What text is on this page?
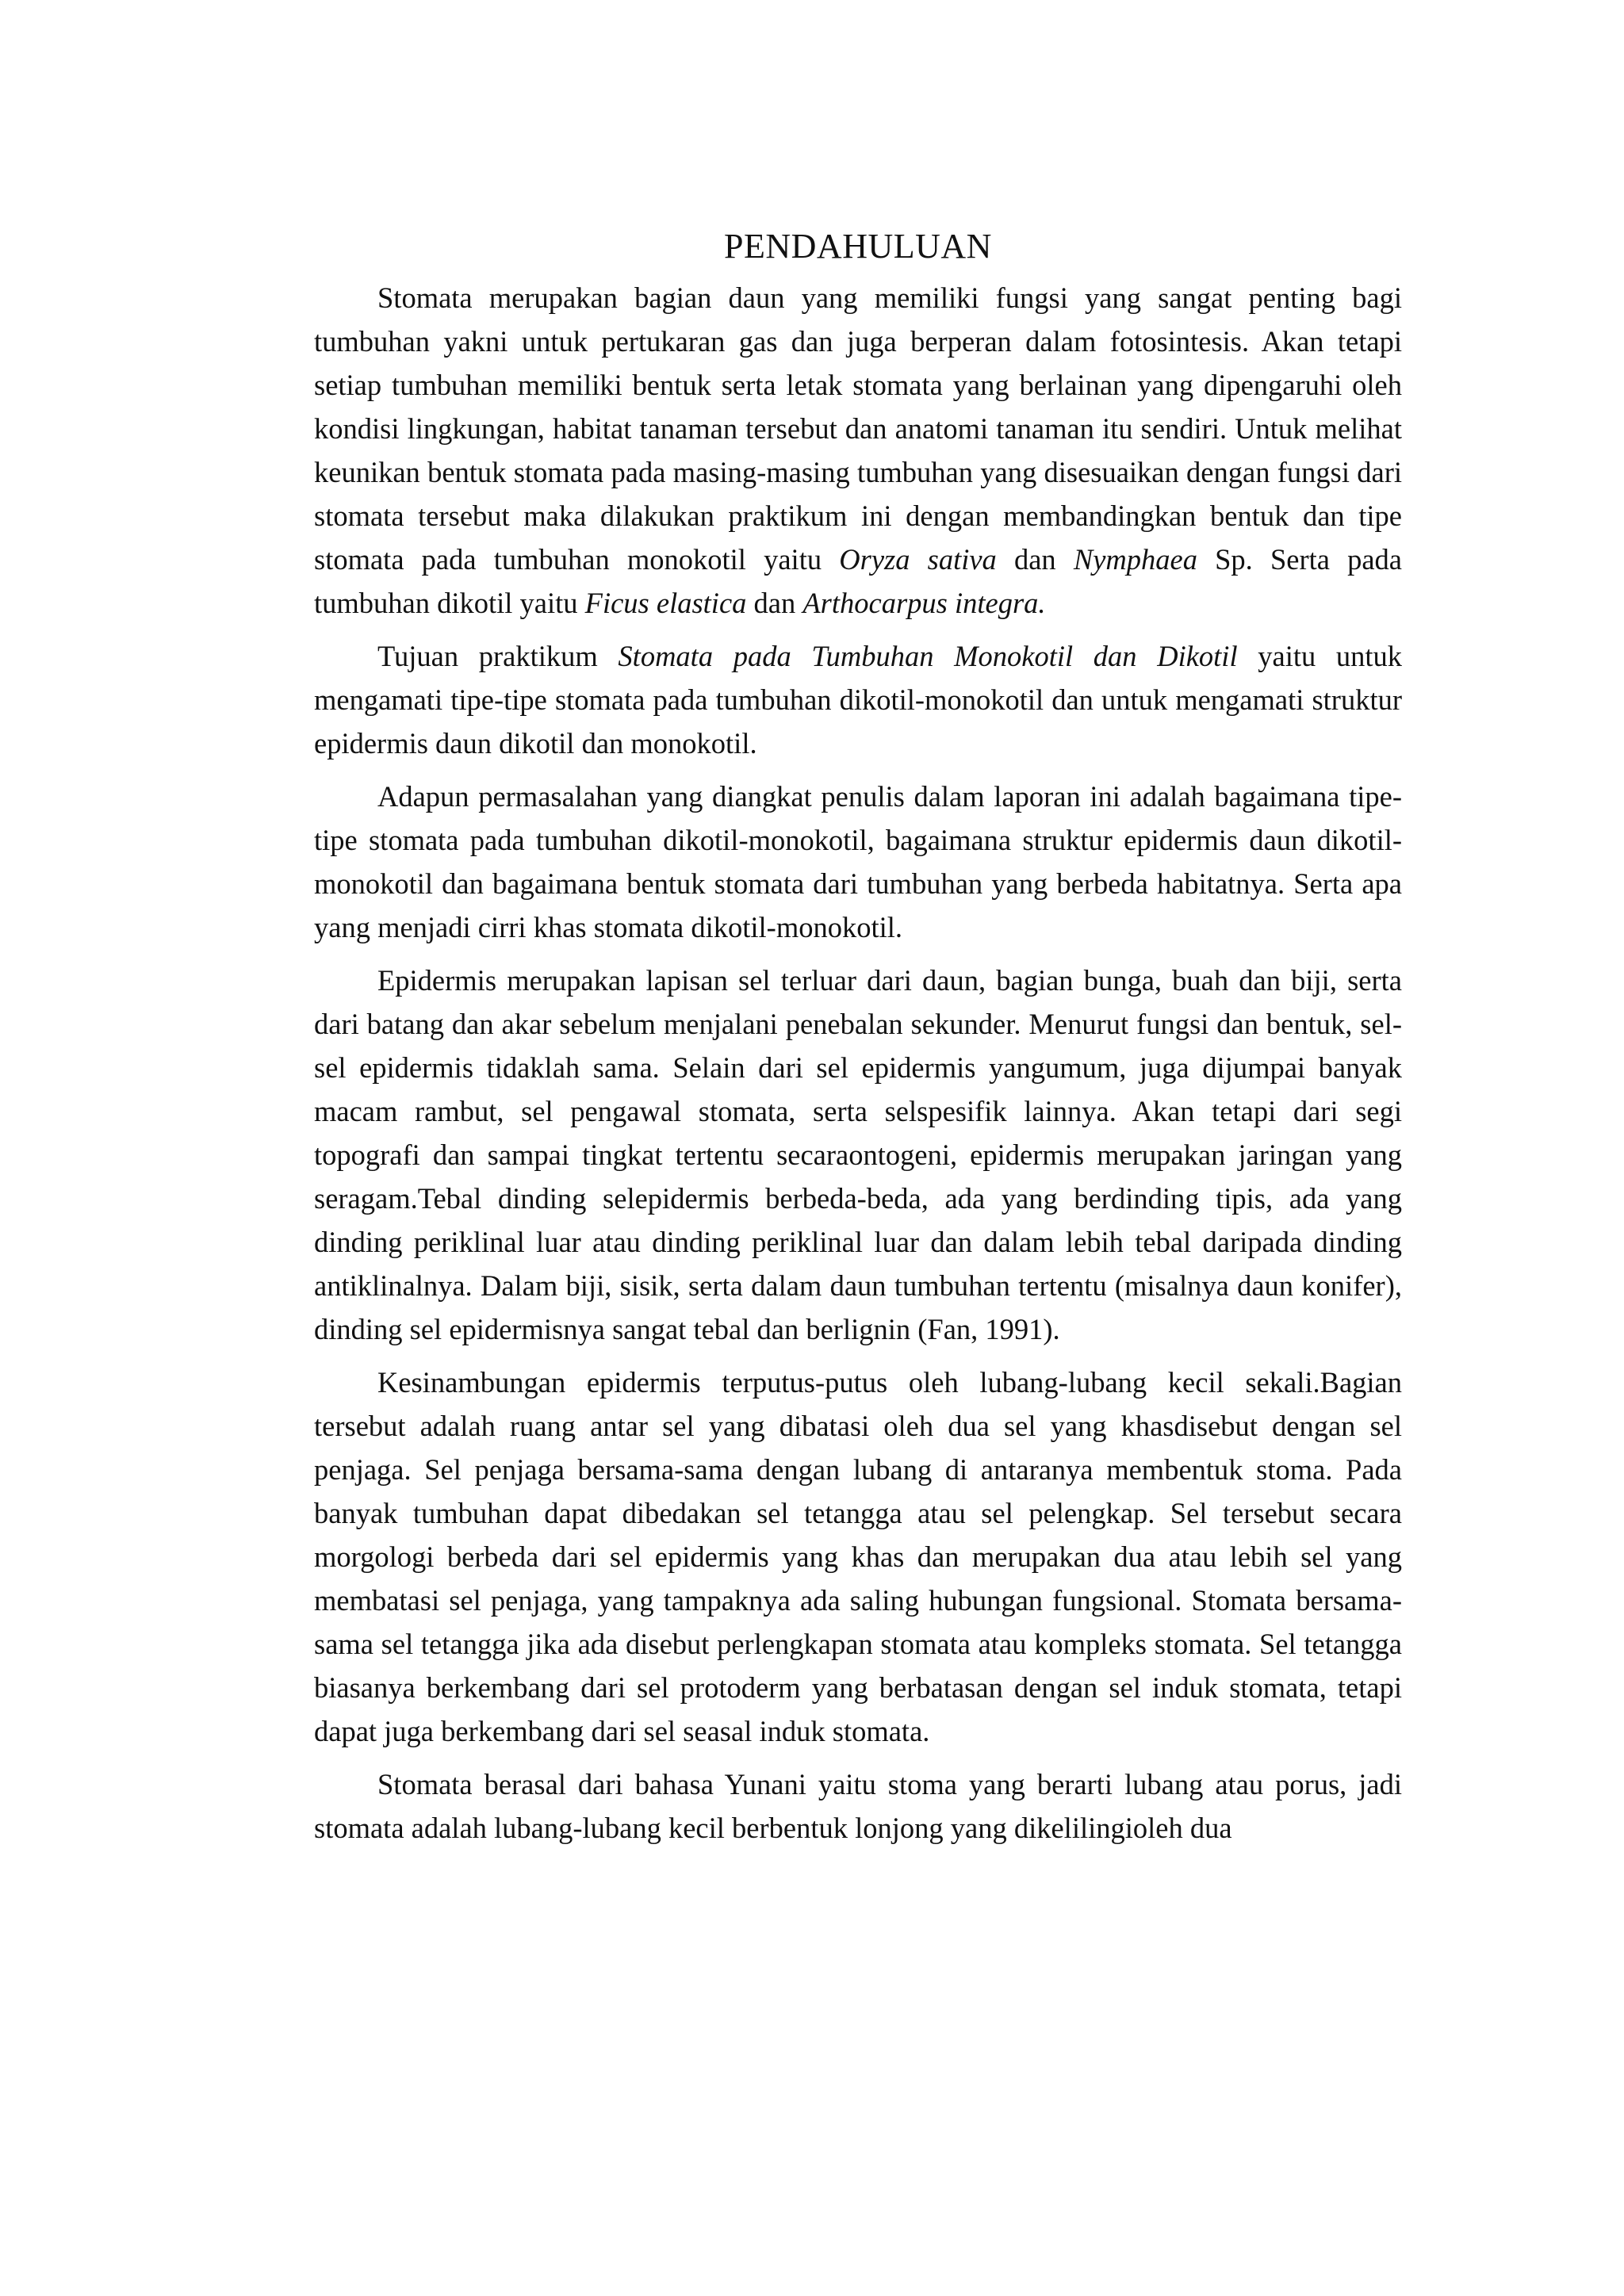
PENDAHULUAN

Stomata merupakan bagian daun yang memiliki fungsi yang sangat penting bagi tumbuhan yakni untuk pertukaran gas dan juga berperan dalam fotosintesis. Akan tetapi setiap tumbuhan memiliki bentuk serta letak stomata yang berlainan yang dipengaruhi oleh kondisi lingkungan, habitat tanaman tersebut dan anatomi tanaman itu sendiri. Untuk melihat keunikan bentuk stomata pada masing-masing tumbuhan yang disesuaikan dengan fungsi dari stomata tersebut maka dilakukan praktikum ini dengan membandingkan bentuk dan tipe stomata pada tumbuhan monokotil yaitu Oryza sativa dan Nymphaea Sp. Serta pada tumbuhan dikotil yaitu Ficus elastica dan Arthocarpus integra.

Tujuan praktikum Stomata pada Tumbuhan Monokotil dan Dikotil yaitu untuk mengamati tipe-tipe stomata pada tumbuhan dikotil-monokotil dan untuk mengamati struktur epidermis daun dikotil dan monokotil.

Adapun permasalahan yang diangkat penulis dalam laporan ini adalah bagaimana tipe-tipe stomata pada tumbuhan dikotil-monokotil, bagaimana struktur epidermis daun dikotil-monokotil dan bagaimana bentuk stomata dari tumbuhan yang berbeda habitatnya. Serta apa yang menjadi cirri khas stomata dikotil-monokotil.

Epidermis merupakan lapisan sel terluar dari daun, bagian bunga, buah dan biji, serta dari batang dan akar sebelum menjalani penebalan sekunder. Menurut fungsi dan bentuk, sel-sel epidermis tidaklah sama. Selain dari sel epidermis yangumum, juga dijumpai banyak macam rambut, sel pengawal stomata, serta selspesifik lainnya. Akan tetapi dari segi topografi dan sampai tingkat tertentu secaraontogeni, epidermis merupakan jaringan yang seragam.Tebal dinding selepidermis berbeda-beda, ada yang berdinding tipis, ada yang dinding periklinal luar atau dinding periklinal luar dan dalam lebih tebal daripada dinding antiklinalnya. Dalam biji, sisik, serta dalam daun tumbuhan tertentu (misalnya daun konifer), dinding sel epidermisnya sangat tebal dan berlignin (Fan, 1991).

Kesinambungan epidermis terputus-putus oleh lubang-lubang kecil sekali.Bagian tersebut adalah ruang antar sel yang dibatasi oleh dua sel yang khasdisebut dengan sel penjaga. Sel penjaga bersama-sama dengan lubang di antaranya membentuk stoma. Pada banyak tumbuhan dapat dibedakan sel tetangga atau sel pelengkap. Sel tersebut secara morgologi berbeda dari sel epidermis yang khas dan merupakan dua atau lebih sel yang membatasi sel penjaga, yang tampaknya ada saling hubungan fungsional. Stomata bersama-sama sel tetangga jika ada disebut perlengkapan stomata atau kompleks stomata. Sel tetangga biasanya berkembang dari sel protoderm yang berbatasan dengan sel induk stomata, tetapi dapat juga berkembang dari sel seasal induk stomata.

Stomata berasal dari bahasa Yunani yaitu stoma yang berarti lubang atau porus, jadi stomata adalah lubang-lubang kecil berbentuk lonjong yang dikelilingioleh dua
